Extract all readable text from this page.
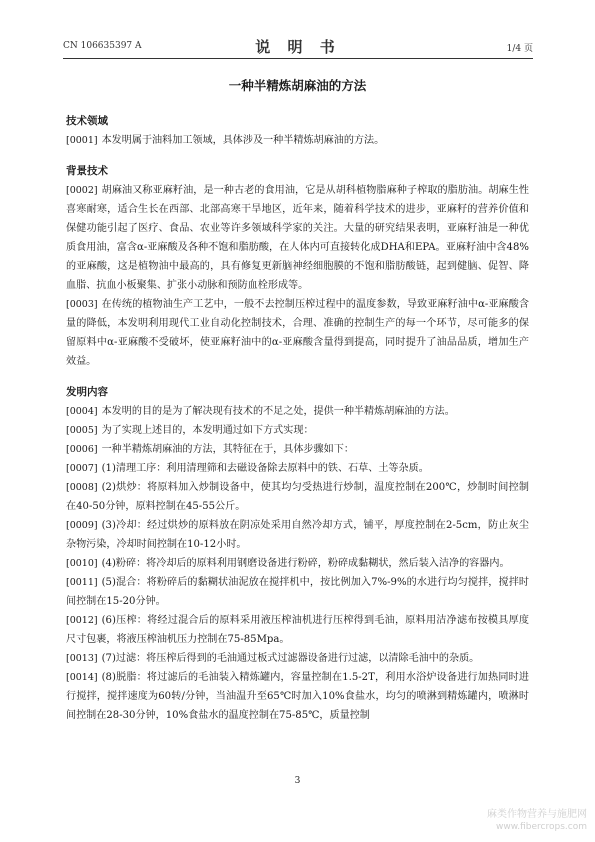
CN 106635397 A	说 明 书	1/4 页
一种半精炼胡麻油的方法
技术领域

[0001] 本发明属于油料加工领域，具体涉及一种半精炼胡麻油的方法。

背景技术

[0002] 胡麻油又称亚麻籽油，是一种古老的食用油，它是从胡科植物脂麻种子榨取的脂肪油。胡麻生性喜寒耐寒，适合生长在西部、北部高寒干旱地区，近年来，随着科学技术的进步，亚麻籽的营养价值和保健功能引起了医疗、食品、农业等许多领域科学家的关注。大量的研究结果表明，亚麻籽油是一种优质食用油，富含α-亚麻酸及各种不饱和脂肪酸，在人体内可直接转化成DHA和EPA。亚麻籽油中含48%的亚麻酸，这是植物油中最高的，具有修复更新脑神经细胞膜的不饱和脂肪酸链，起到健脑、促智、降血脂、抗血小板聚集、扩张小动脉和预防血栓形成等。

[0003] 在传统的植物油生产工艺中，一般不去控制压榨过程中的温度参数，导致亚麻籽油中α-亚麻酸含量的降低，本发明利用现代工业自动化控制技术，合理、准确的控制生产的每一个环节，尽可能多的保留原料中α-亚麻酸不受破坏，使亚麻籽油中的α-亚麻酸含量得到提高，同时提升了油品品质，增加生产效益。

发明内容

[0004] 本发明的目的是为了解决现有技术的不足之处，提供一种半精炼胡麻油的方法。

[0005] 为了实现上述目的，本发明通过如下方式实现：

[0006] 一种半精炼胡麻油的方法，其特征在于，具体步骤如下：

[0007] (1)清理工序：利用清理筛和去磁设备除去原料中的铁、石草、土等杂质。

[0008] (2)烘炒：将原料加入炒制设备中，使其均匀受热进行炒制，温度控制在200℃，炒制时间控制在40-50分钟，原料控制在45-55公斤。

[0009] (3)冷却：经过烘炒的原料放在阴凉处采用自然冷却方式，铺平，厚度控制在2-5cm，防止灰尘杂物污染，冷却时间控制在10-12小时。

[0010] (4)粉碎：将冷却后的原料利用钢磨设备进行粉碎，粉碎成黏糊状，然后装入洁净的容器内。

[0011] (5)混合：将粉碎后的黏糊状油泥放在搅拌机中，按比例加入7%-9%的水进行均匀搅拌，搅拌时间控制在15-20分钟。

[0012] (6)压榨：将经过混合后的原料采用液压榨油机进行压榨得到毛油，原料用洁净滤布按模具厚度尺寸包裹，将液压榨油机压力控制在75-85Mpa。

[0013] (7)过滤：将压榨后得到的毛油通过板式过滤器设备进行过滤，以清除毛油中的杂质。

[0014] (8)脱脂：将过滤后的毛油装入精炼罐内，容量控制在1.5-2T，利用水浴炉设备进行加热同时进行搅拌，搅拌速度为60转/分钟，当油温升至65℃时加入10%食盐水，均匀的喷淋到精炼罐内，喷淋时间控制在28-30分钟，10%食盐水的温度控制在75-85℃，质量控制

3
麻类作物营养与施肥网
www.fibercrops.com
